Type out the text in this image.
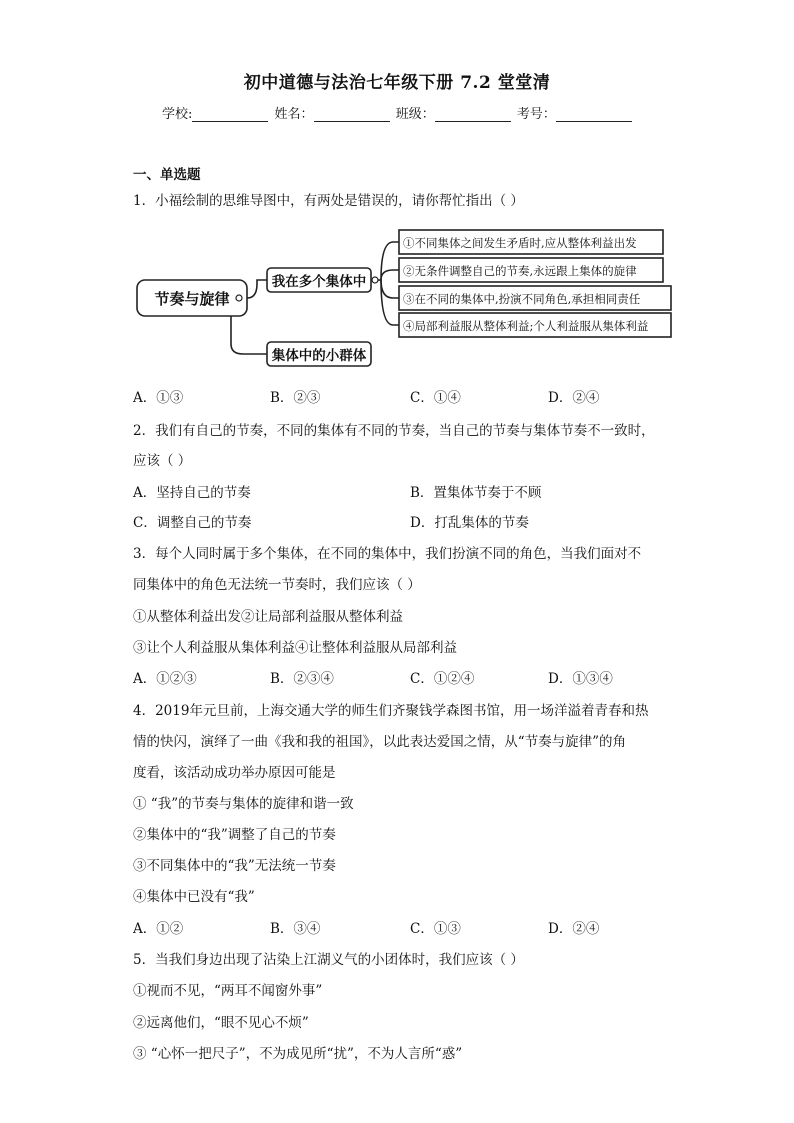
初中道德与法治七年级下册 7.2 堂堂清
学校:	姓名：	班级：	考号：
一、单选题
1．小福绘制的思维导图中，有两处是错误的，请你帮忙指出（ ）
节奏与旋律
我在多个集体中
集体中的小群体
①不同集体之间发生矛盾时,应从整体利益出发
②无条件调整自己的节奏,永远跟上集体的旋律
③在不同的集体中,扮演不同角色,承担相同责任
④局部利益服从整体利益;个人利益服从集体利益
A．①③	B．②③	C．①④	D．②④
2．我们有自己的节奏，不同的集体有不同的节奏，当自己的节奏与集体节奏不一致时，
应该（ ）
A．坚持自己的节奏	B．置集体节奏于不顾
C．调整自己的节奏	D．打乱集体的节奏
3．每个人同时属于多个集体，在不同的集体中，我们扮演不同的角色，当我们面对不
同集体中的角色无法统一节奏时，我们应该（ ）
①从整体利益出发②让局部利益服从整体利益
③让个人利益服从集体利益④让整体利益服从局部利益
A．①②③	B．②③④	C．①②④	D．①③④
4．2019年元旦前，上海交通大学的师生们齐聚钱学森图书馆，用一场洋溢着青春和热
情的快闪，演绎了一曲《我和我的祖国》，以此表达爱国之情，从“节奏与旋律”的角
度看，该活动成功举办原因可能是
① “我”的节奏与集体的旋律和谐一致
②集体中的“我”调整了自己的节奏
③不同集体中的“我”无法统一节奏
④集体中已没有“我”
A．①②	B．③④	C．①③	D．②④
5．当我们身边出现了沾染上江湖义气的小团体时，我们应该（ ）
①视而不见，“两耳不闻窗外事”
②远离他们，“眼不见心不烦”
③ “心怀一把尺子”，不为成见所“扰”，不为人言所“惑”
